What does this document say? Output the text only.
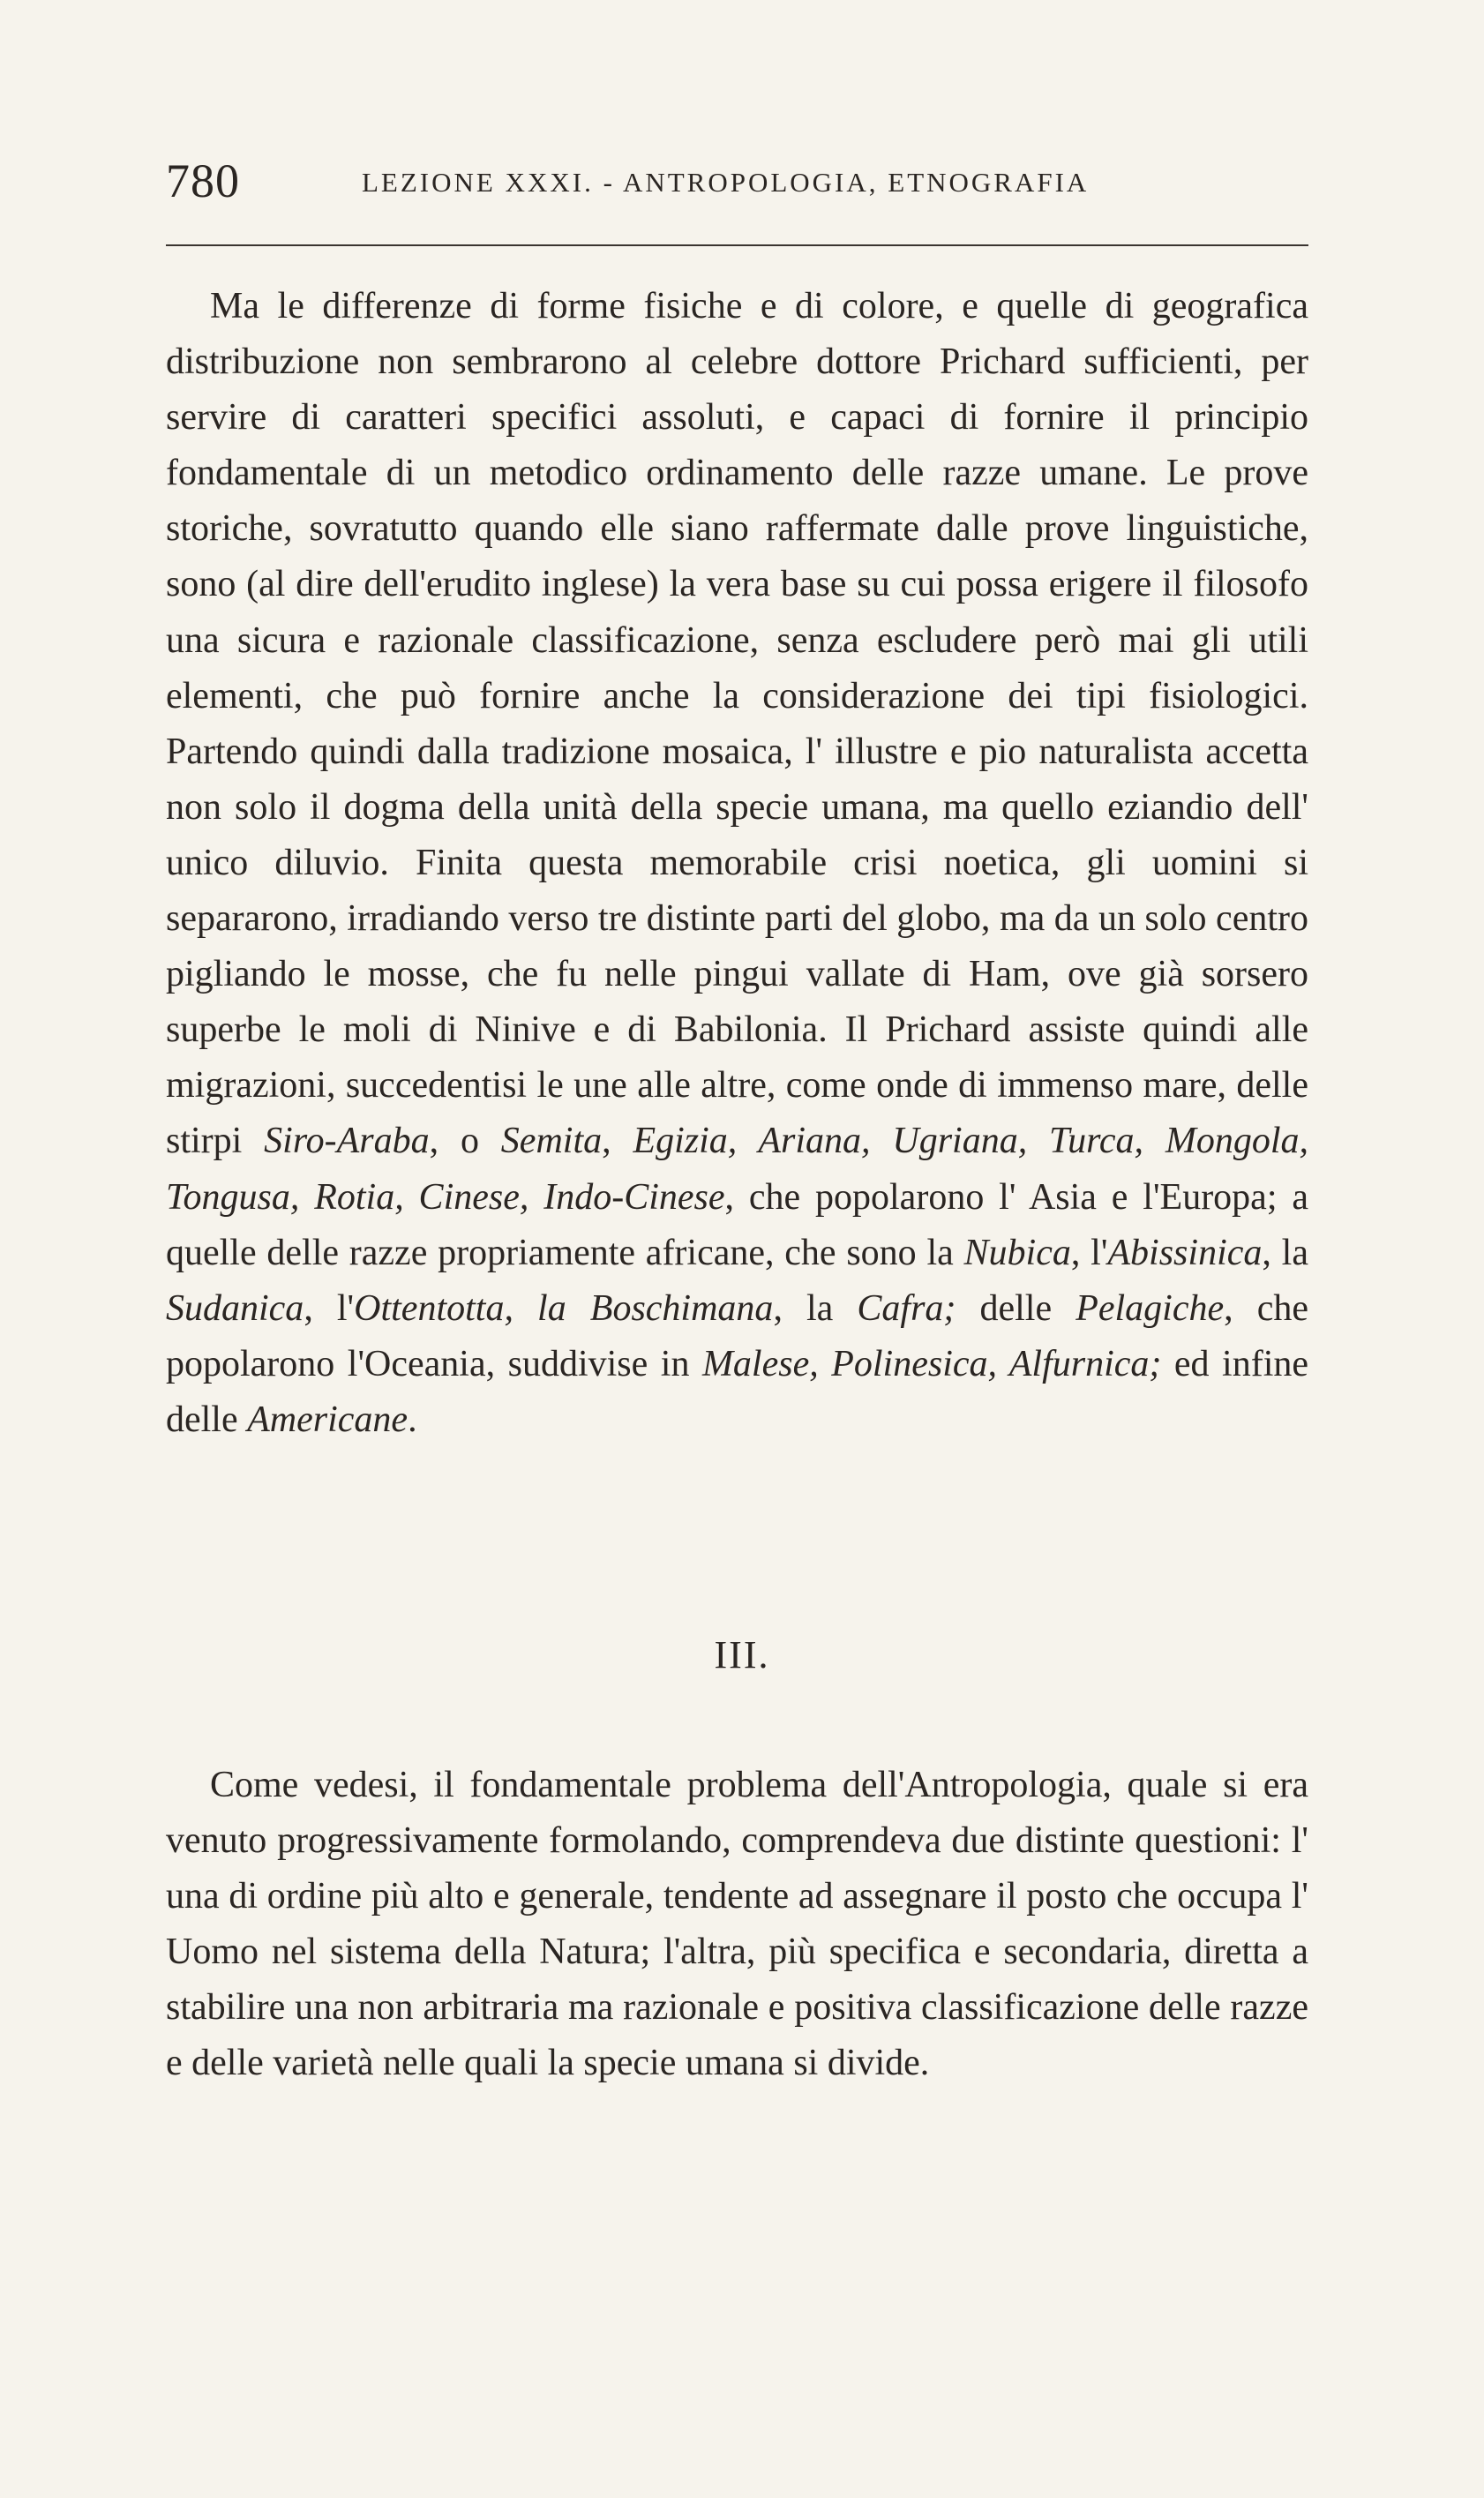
780	LEZIONE XXXI. - ANTROPOLOGIA, ETNOGRAFIA

Ma le differenze di forme fisiche e di colore, e quelle di geografica distribuzione non sembrarono al celebre dottore Prichard sufficienti, per servire di caratteri specifici assoluti, e capaci di fornire il principio fondamentale di un metodico ordinamento delle razze umane. Le prove storiche, sovratutto quando elle siano raffermate dalle prove linguistiche, sono (al dire dell'erudito inglese) la vera base su cui possa erigere il filosofo una sicura e razionale classificazione, senza escludere però mai gli utili elementi, che può fornire anche la considerazione dei tipi fisiologici. Partendo quindi dalla tradizione mosaica, l' illustre e pio naturalista accetta non solo il dogma della unità della specie umana, ma quello eziandio dell' unico diluvio. Finita questa memorabile crisi noetica, gli uomini si separarono, irradiando verso tre distinte parti del globo, ma da un solo centro pigliando le mosse, che fu nelle pingui vallate di Ham, ove già sorsero superbe le moli di Ninive e di Babilonia. Il Prichard assiste quindi alle migrazioni, succedentisi le une alle altre, come onde di immenso mare, delle stirpi Siro-Araba, o Semita, Egizia, Ariana, Ugriana, Turca, Mongola, Tongusa, Rotia, Cinese, Indo-Cinese, che popolarono l' Asia e l'Europa; a quelle delle razze propriamente africane, che sono la Nubica, l'Abissinica, la Sudanica, l'Ottentotta, la Boschimana, la Cafra; delle Pelagiche, che popolarono l'Oceania, suddivise in Malese, Polinesica, Alfurnica; ed infine delle Americane.

III.

Come vedesi, il fondamentale problema dell'Antropologia, quale si era venuto progressivamente formolando, comprendeva due distinte questioni: l' una di ordine più alto e generale, tendente ad assegnare il posto che occupa l' Uomo nel sistema della Natura; l'altra, più specifica e secondaria, diretta a stabilire una non arbitraria ma razionale e positiva classificazione delle razze e delle varietà nelle quali la specie umana si divide.
